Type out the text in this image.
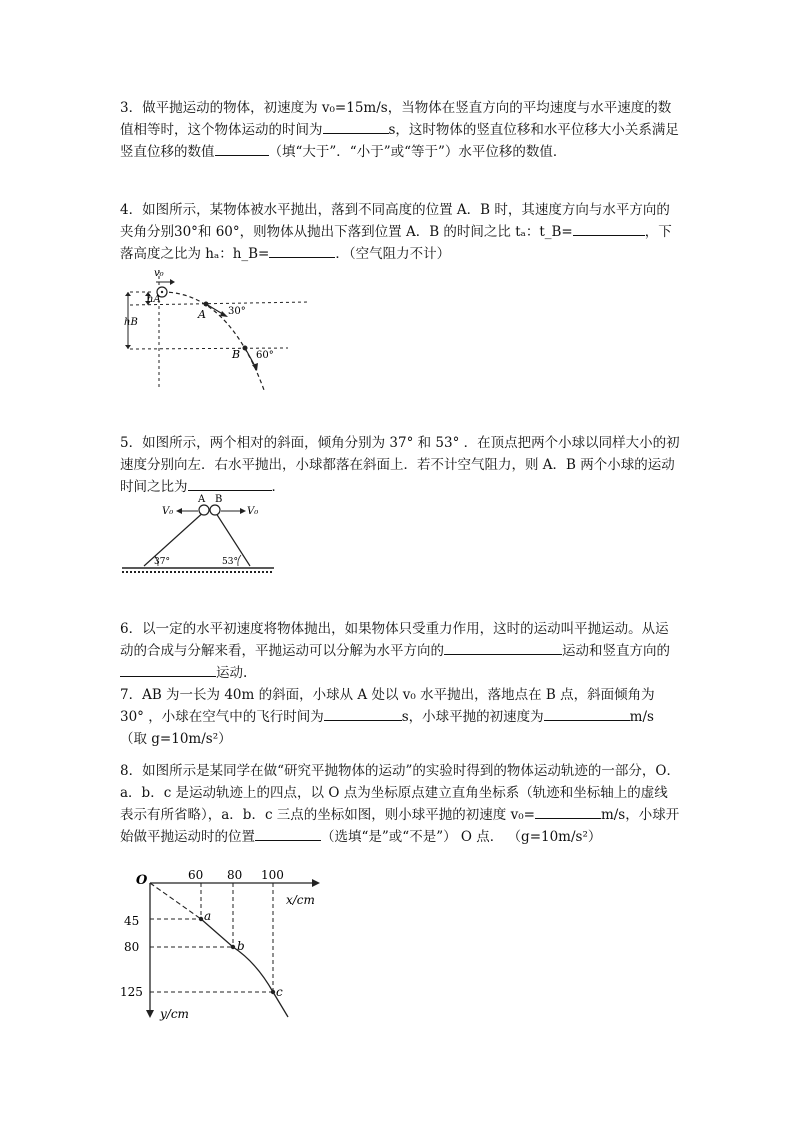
3．做平抛运动的物体，初速度为 v₀=15m/s，当物体在竖直方向的平均速度与水平速度的数值相等时，这个物体运动的时间为	s，这时物体的竖直位移和水平位移大小关系满足竖直位移的数值	（填“大于”．“小于”或“等于”）水平位移的数值．

4．如图所示，某物体被水平抛出，落到不同高度的位置 A．B 时，其速度方向与水平方向的夹角分别30°和 60°，则物体从抛出下落到位置 A．B 的时间之比 tₐ：t_B=	，下落高度之比为 hₐ：h_B=	．（空气阻力不计）

v₀
hA
hB
A 30°
B 60°

5．如图所示，两个相对的斜面，倾角分别为 37° 和 53° ．在顶点把两个小球以同样大小的初速度分别向左．右水平抛出，小球都落在斜面上．若不计空气阻力，则 A．B 两个小球的运动时间之比为	．

37°	53°
A B
V₀	V₀

6．以一定的水平初速度将物体抛出，如果物体只受重力作用，这时的运动叫平抛运动。从运动的合成与分解来看，平抛运动可以分解为水平方向的	运动和竖直方向的运动.

7．AB 为一长为 40m 的斜面，小球从 A 处以 v₀ 水平抛出，落地点在 B 点，斜面倾角为 30° ，小球在空气中的飞行时间为	s，小球平抛的初速度为	m/s （取 g=10m/s²）

8．如图所示是某同学在做“研究平抛物体的运动”的实验时得到的物体运动轨迹的一部分，O．a．b．c 是运动轨迹上的四点，以 O 点为坐标原点建立直角坐标系（轨迹和坐标轴上的虚线表示有所省略），a．b．c 三点的坐标如图，则小球平抛的初速度 v₀=	m/s，小球开始做平抛运动时的位置	（选填“是”或“不是”） O 点． （g=10m/s²）

O
x/cm
y/cm
60 80 100
45
80
125
a
b
c
